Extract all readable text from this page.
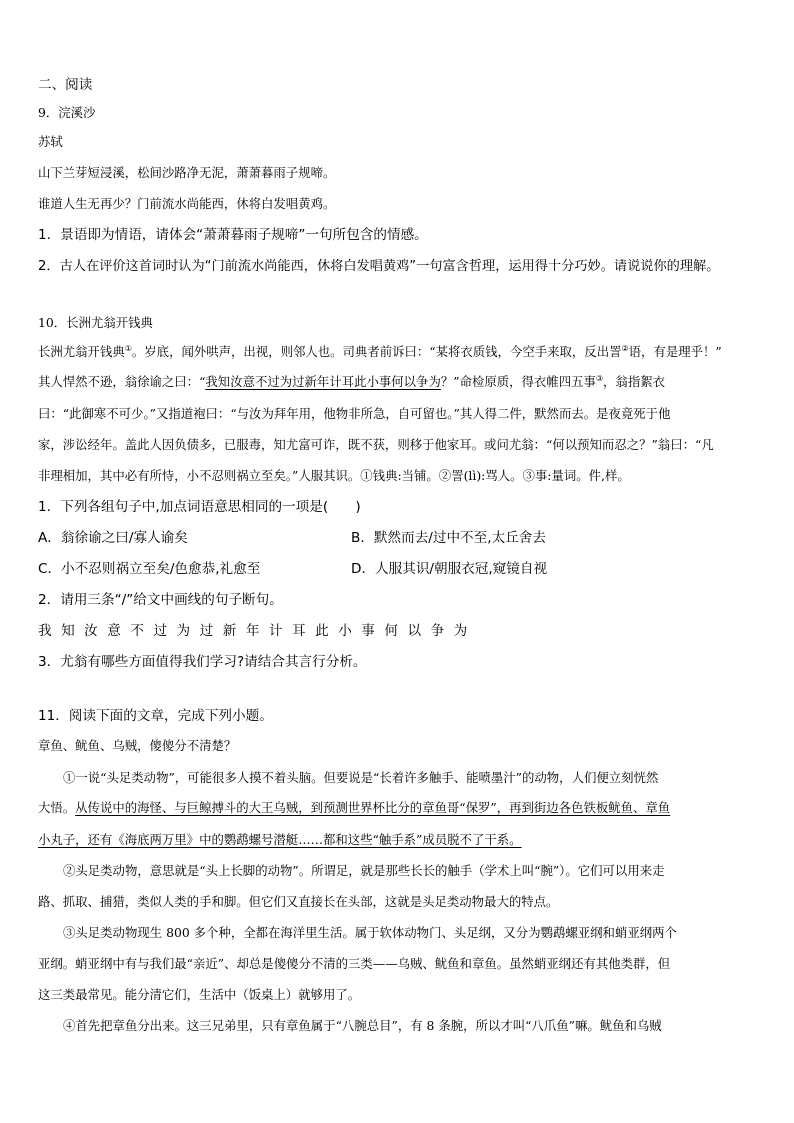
二、阅读
9．浣溪沙
苏轼
山下兰芽短浸溪，松间沙路净无泥，萧萧暮雨子规啼。
谁道人生无再少？门前流水尚能西，休将白发唱黄鸡。
1．景语即为情语，请体会“萧萧暮雨子规啼”一句所包含的情感。
2．古人在评价这首词时认为“门前流水尚能西，休将白发唱黄鸡”一句富含哲理，运用得十分巧妙。请说说你的理解。
10．长洲尤翁开钱典
长洲尤翁开钱典①。岁底，闻外哄声，出视，则邻人也。司典者前诉曰：“某将衣质钱，今空手来取，反出詈②语，有是理乎！”
其人悍然不逊，翁徐谕之曰：“我知汝意不过为过新年计耳此小事何以争为？”命检原质，得衣帷四五事③，翁指絮衣
曰：“此御寒不可少。”又指道袍曰：“与汝为拜年用，他物非所急，自可留也。”其人得二件，默然而去。是夜竟死于他
家，涉讼经年。盖此人因负债多，已服毒，知尤富可诈，既不获，则移于他家耳。或问尤翁：“何以预知而忍之？”翁曰：“凡
非理相加，其中必有所恃，小不忍则祸立至矣。”人服其识。①钱典:当铺。②詈(lì):骂人。③事:量词。件,样。
1．下列各组句子中,加点词语意思相同的一项是(　　)
A．翁徐谕之曰/寡人谕矣	B．默然而去/过中不至,太丘舍去
C．小不忍则祸立至矣/色愈恭,礼愈至	D．人服其识/朝服衣冠,窥镜自视
2．请用三条“/”给文中画线的句子断句。
我知汝意不过为过新年计耳此小事何以争为
3．尤翁有哪些方面值得我们学习?请结合其言行分析。
11．阅读下面的文章，完成下列小题。
章鱼、鱿鱼、乌贼，傻傻分不清楚？
①一说“头足类动物”，可能很多人摸不着头脑。但要说是“长着许多触手、能喷墨汁”的动物，人们便立刻恍然
大悟。从传说中的海怪、与巨鲸搏斗的大王乌贼，到预测世界杯比分的章鱼哥“保罗”，再到街边各色铁板鱿鱼、章鱼
小丸子，还有《海底两万里》中的鹦鹉螺号潜艇……都和这些“触手系”成员脱不了干系。
②头足类动物，意思就是“头上长脚的动物”。所谓足，就是那些长长的触手（学术上叫“腕”）。它们可以用来走
路、抓取、捕猎，类似人类的手和脚。但它们又直接长在头部，这就是头足类动物最大的特点。
③头足类动物现生 800 多个种，全都在海洋里生活。属于软体动物门、头足纲，又分为鹦鹉螺亚纲和蛸亚纲两个
亚纲。蛸亚纲中有与我们最“亲近”、却总是傻傻分不清的三类——乌贼、鱿鱼和章鱼。虽然蛸亚纲还有其他类群，但
这三类最常见。能分清它们，生活中（饭桌上）就够用了。
④首先把章鱼分出来。这三兄弟里，只有章鱼属于“八腕总目”，有 8 条腕，所以才叫“八爪鱼”嘛。鱿鱼和乌贼
